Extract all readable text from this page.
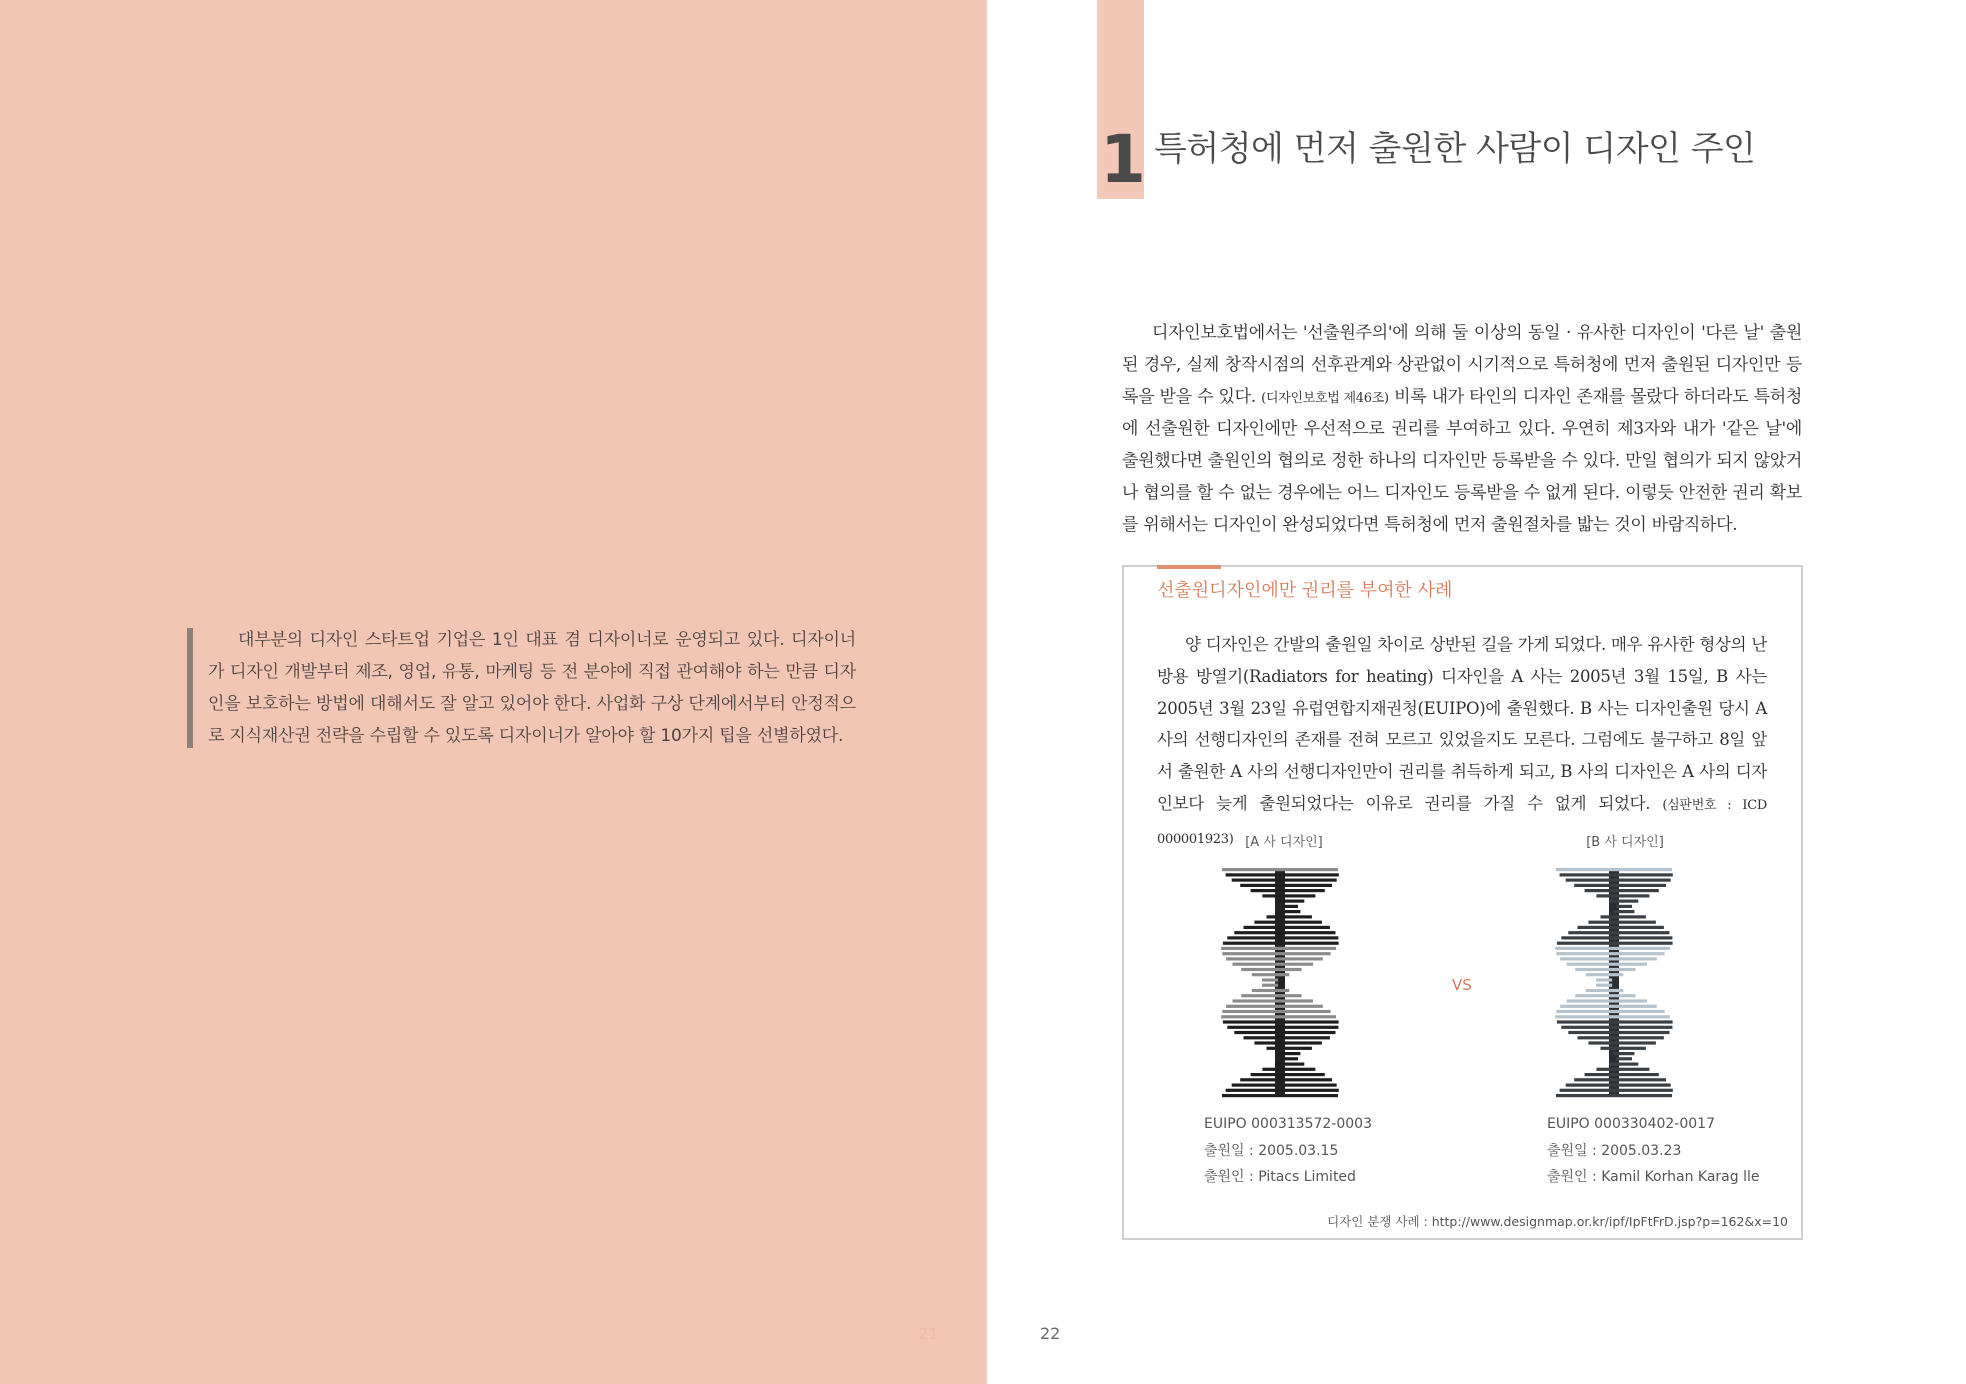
대부분의 디자인 스타트업 기업은 1인 대표 겸 디자이너로 운영되고 있다. 디자이너가 디자인 개발부터 제조, 영업, 유통, 마케팅 등 전 분야에 직접 관여해야 하는 만큼 디자인을 보호하는 방법에 대해서도 잘 알고 있어야 한다. 사업화 구상 단계에서부터 안정적으로 지식재산권 전략을 수립할 수 있도록 디자이너가 알아야 할 10가지 팁을 선별하였다.

21
1 특허청에 먼저 출원한 사람이 디자인 주인

디자인보호법에서는 '선출원주의'에 의해 둘 이상의 동일 · 유사한 디자인이 '다른 날' 출원된 경우, 실제 창작시점의 선후관계와 상관없이 시기적으로 특허청에 먼저 출원된 디자인만 등록을 받을 수 있다. (디자인보호법 제46조) 비록 내가 타인의 디자인 존재를 몰랐다 하더라도 특허청에 선출원한 디자인에만 우선적으로 권리를 부여하고 있다. 우연히 제3자와 내가 '같은 날'에 출원했다면 출원인의 협의로 정한 하나의 디자인만 등록받을 수 있다. 만일 협의가 되지 않았거나 협의를 할 수 없는 경우에는 어느 디자인도 등록받을 수 없게 된다. 이렇듯 안전한 권리 확보를 위해서는 디자인이 완성되었다면 특허청에 먼저 출원절차를 밟는 것이 바람직하다.

선출원디자인에만 권리를 부여한 사례

양 디자인은 간발의 출원일 차이로 상반된 길을 가게 되었다. 매우 유사한 형상의 난방용 방열기(Radiators for heating) 디자인을 A 사는 2005년 3월 15일, B 사는 2005년 3월 23일 유럽연합지재권청(EUIPO)에 출원했다. B 사는 디자인출원 당시 A 사의 선행디자인의 존재를 전혀 모르고 있었을지도 모른다. 그럼에도 불구하고 8일 앞서 출원한 A 사의 선행디자인만이 권리를 취득하게 되고, B 사의 디자인은 A 사의 디자인보다 늦게 출원되었다는 이유로 권리를 가질 수 없게 되었다. (심판번호 : ICD 000001923) [A 사 디자인]	[B 사 디자인]
VS
EUIPO 000313572-0003
출원일 : 2005.03.15
출원인 : Pitacs Limited
EUIPO 000330402-0017
출원일 : 2005.03.23
출원인 : Kamil Korhan Karag lle
디자인 분쟁 사례 : http://www.designmap.or.kr/ipf/IpFtFrD.jsp?p=162&x=10
22
